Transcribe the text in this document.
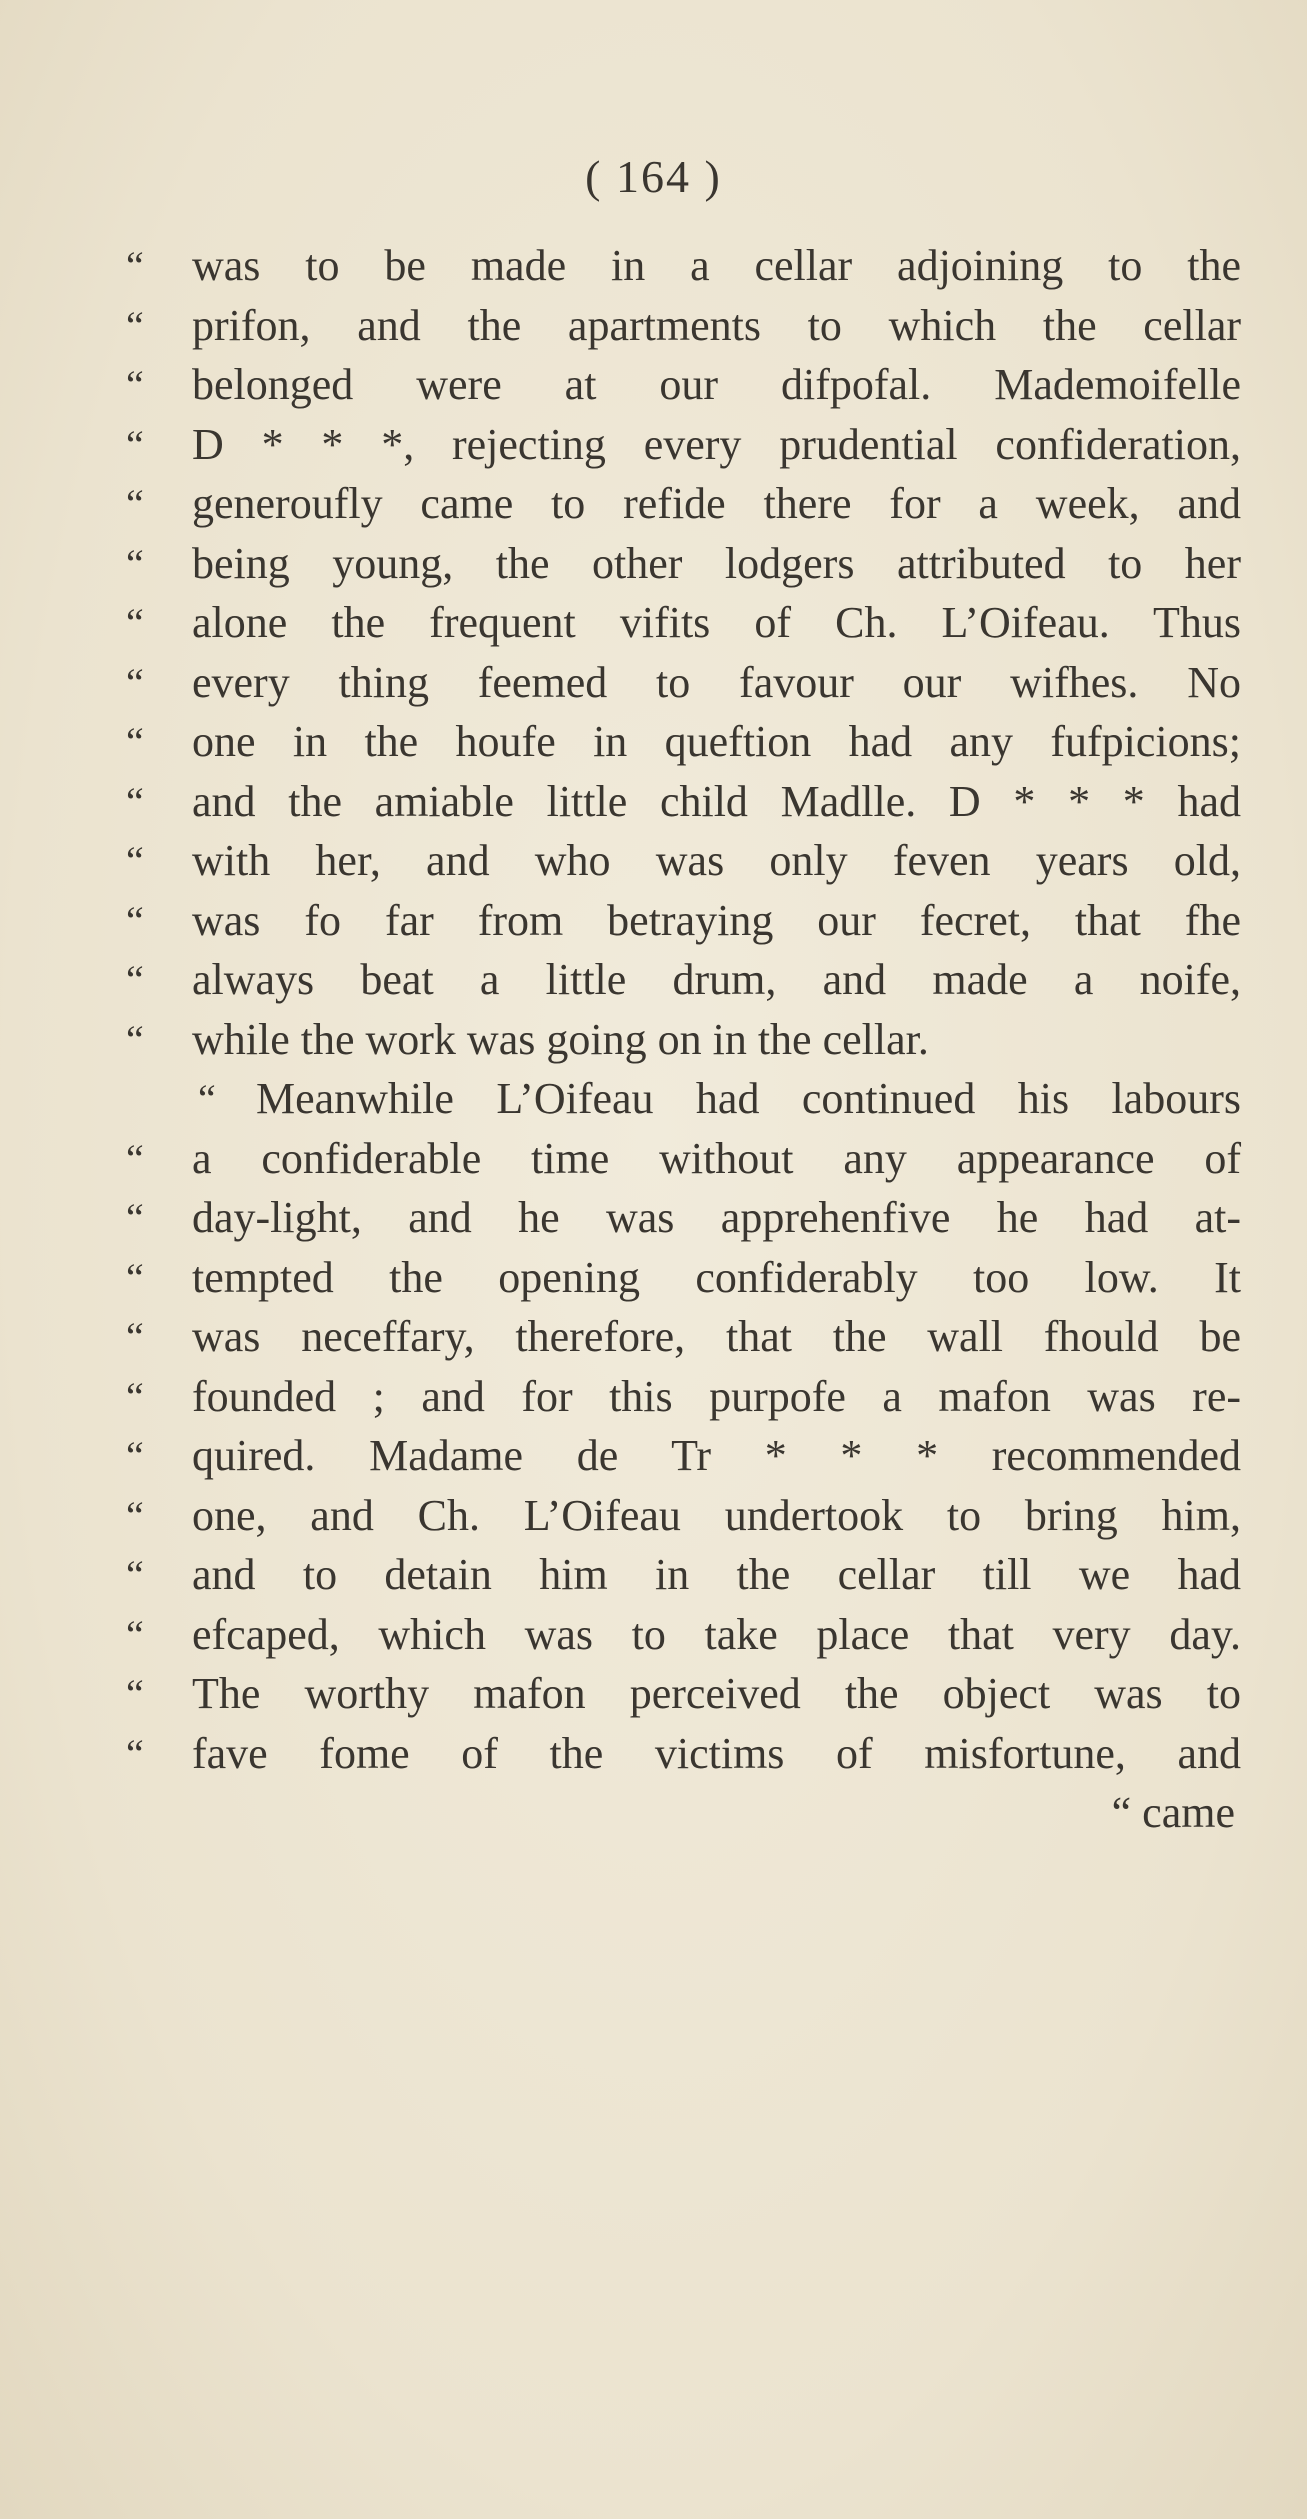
( 164 )
“	was to be made in a cellar adjoining to the
“	prifon, and the apartments to which the cellar
“	belonged were at our difpofal. Mademoifelle
“	D * * *, rejecting every prudential confideration,
“	generoufly came to refide there for a week, and
“	being young, the other lodgers attributed to her
“	alone the frequent vifits of Ch. L’Oifeau. Thus
“	every thing feemed to favour our wifhes. No
“	one in the houfe in queftion had any fufpicions;
“	and the amiable little child Madlle. D * * * had
“	with her, and who was only feven years old,
“	was fo far from betraying our fecret, that fhe
“	always beat a little drum, and made a noife,
“	while the work was going on in the cellar.
“ Meanwhile L’Oifeau had continued his labours
“	a confiderable time without any appearance of
“	day-light, and he was apprehenfive he had at-
“	tempted the opening confiderably too low. It
“	was neceffary, therefore, that the wall fhould be
“	founded ; and for this purpofe a mafon was re-
“	quired. Madame de Tr * * * recommended
“	one, and Ch. L’Oifeau undertook to bring him,
“	and to detain him in the cellar till we had
“	efcaped, which was to take place that very day.
“	The worthy mafon perceived the object was to
“	fave fome of the victims of misfortune, and
“ came
